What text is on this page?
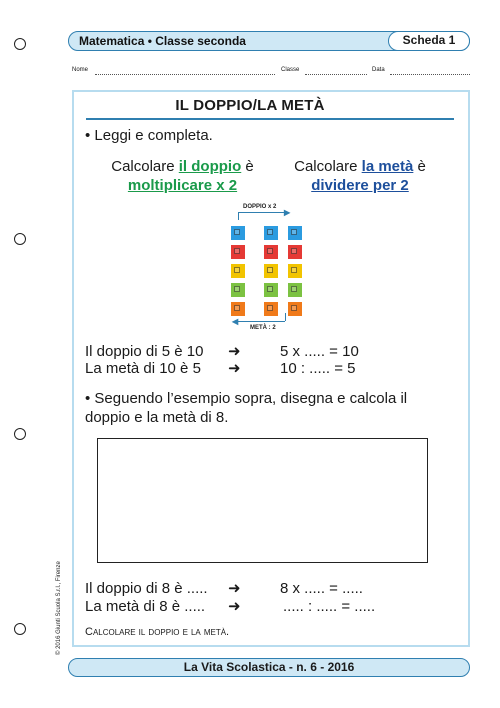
Matematica • Classe seconda	Scheda 1
Nome	Classe	Data
IL DOPPIO/LA METÀ
• Leggi e completa.
Calcolare il doppio è
moltiplicare x 2
Calcolare la metà è
dividere per 2
DOPPIO x 2
▶
◀
METÀ : 2
Il doppio di 5 è 10 ➜	5 x ..... = 10
La metà di 10 è 5 ➜	10 : ..... = 5
• Seguendo l’esempio sopra, disegna e calcola il doppio e la metà di 8.
Il doppio di 8 è ..... ➜	8 x ..... = .....
La metà di 8 è ..... ➜	..... : ..... = .....
Calcolare il doppio e la metà.
© 2016 Giunti Scuola S.r.l., Firenze
La Vita Scolastica - n. 6 - 2016
